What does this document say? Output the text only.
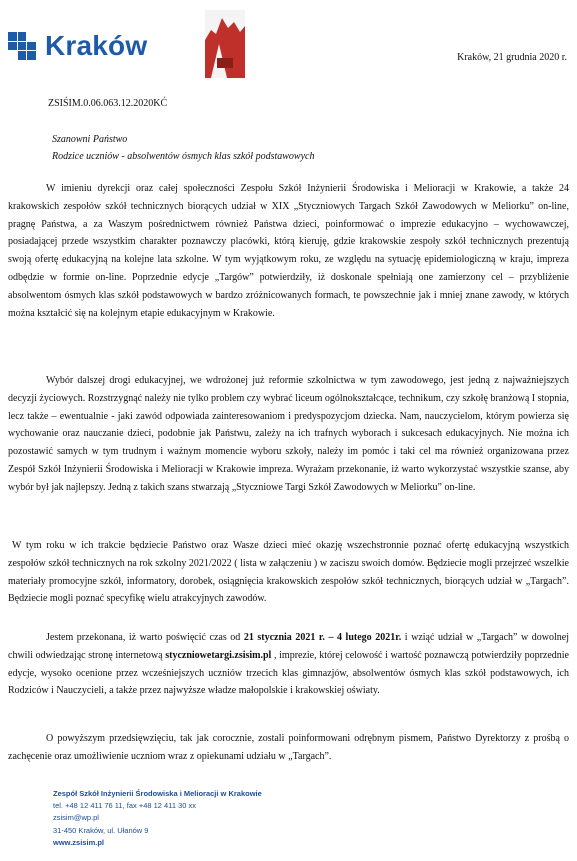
Kraków	Kraków, 21 grudnia 2020 r.
ZSIŚIM.0.06.063.12.2020KĆ
Szanowni Państwo
Rodzice uczniów - absolwentów ósmych klas szkół podstawowych

W imieniu dyrekcji oraz całej społeczności Zespołu Szkół Inżynierii Środowiska i Melioracji w Krakowie, a także 24 krakowskich zespołów szkół technicznych biorących udział w XIX „Styczniowych Targach Szkół Zawodowych w Meliorku” on-line, pragnę Państwa, a za Waszym pośrednictwem również Państwa dzieci, poinformować o imprezie edukacyjno – wychowawczej, posiadającej przede wszystkim charakter poznawczy placówki, którą kieruję, gdzie krakowskie zespoły szkół technicznych prezentują swoją ofertę edukacyjną na kolejne lata szkolne. W tym wyjątkowym roku, ze względu na sytuację epidemiologiczną w kraju, impreza odbędzie w formie on-line. Poprzednie edycje „Targów” potwierdziły, iż doskonale spełniają one zamierzony cel – przybliżenie absolwentom ósmych klas szkół podstawowych w bardzo zróżnicowanych formach, te powszechnie jak i mniej znane zawody, w których można kształcić się na kolejnym etapie edukacyjnym w Krakowie.

Wybór dalszej drogi edukacyjnej, we wdrożonej już reformie szkolnictwa w tym zawodowego, jest jedną z najważniejszych decyzji życiowych. Rozstrzygnąć należy nie tylko problem czy wybrać liceum ogólnokształcące, technikum, czy szkołę branżową I stopnia, lecz także – ewentualnie - jaki zawód odpowiada zainteresowaniom i predyspozycjom dziecka. Nam, nauczycielom, którym powierza się wychowanie oraz nauczanie dzieci, podobnie jak Państwu, zależy na ich trafnych wyborach i sukcesach edukacyjnych. Nie można ich pozostawić samych w tym trudnym i ważnym momencie wyboru szkoły, należy im pomóc i taki cel ma również organizowana przez Zespół Szkół Inżynierii Środowiska i Melioracji w Krakowie impreza. Wyrażam przekonanie, iż warto wykorzystać wszystkie szanse, aby wybór był jak najlepszy. Jedną z takich szans stwarzają „Styczniowe Targi Szkół Zawodowych w Meliorku” on-line.

W tym roku w ich trakcie będziecie Państwo oraz Wasze dzieci mieć okazję wszechstronnie poznać ofertę edukacyjną wszystkich zespołów szkół technicznych na rok szkolny 2021/2022 ( lista w załączeniu ) w zaciszu swoich domów. Będziecie mogli przejrzeć wszelkie materiały promocyjne szkół, informatory, dorobek, osiągnięcia krakowskich zespołów szkół technicznych, biorących udział w „Targach”. Będziecie mogli poznać specyfikę wielu atrakcyjnych zawodów.

Jestem przekonana, iż warto poświęcić czas od 21 stycznia 2021 r. – 4 lutego 2021r. i wziąć udział w „Targach” w dowolnej chwili odwiedzając stronę internetową styczniowetargi.zsisim.pl , imprezie, której celowość i wartość poznawczą potwierdziły poprzednie edycje, wysoko ocenione przez wcześniejszych uczniów trzecich klas gimnazjów, absolwentów ósmych klas szkół podstawowych, ich Rodziców i Nauczycieli, a także przez najwyższe władze małopolskie i krakowskiej oświaty.

O powyższym przedsięwzięciu, tak jak corocznie, zostali poinformowani odrębnym pismem, Państwo Dyrektorzy z prośbą o zachęcenie oraz umożliwienie uczniom wraz z opiekunami udziału w „Targach”.

Zespół Szkół Inżynierii Środowiska i Melioracji w Krakowie
tel. +48 12 411 76 11, fax +48 12 411 30 xx
zsisim@wp.pl
31-450 Kraków, ul. Ułanów 9
www.zsisim.pl
